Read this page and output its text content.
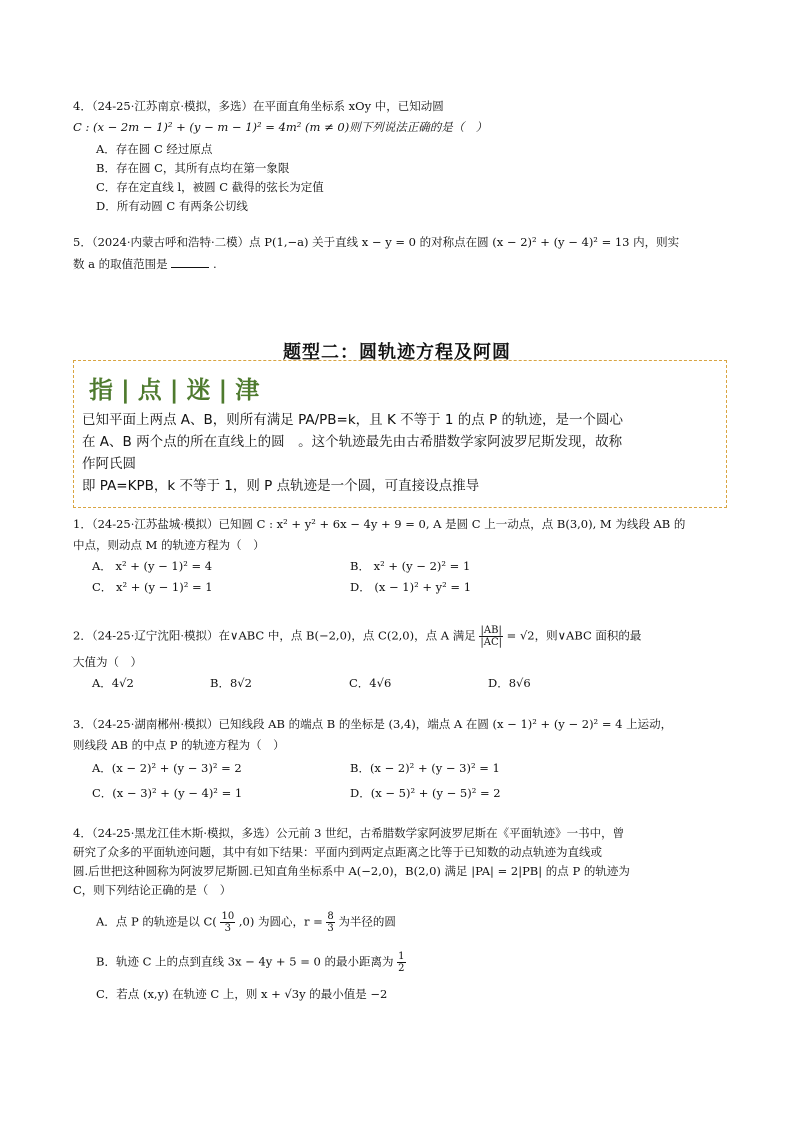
4．（24-25·江苏南京·模拟，多选）在平面直角坐标系 xOy 中，已知动圆
C : (x − 2m − 1)² + (y − m − 1)² = 4m² (m ≠ 0)则下列说法正确的是（　）
A．存在圆 C 经过原点
B．存在圆 C，其所有点均在第一象限
C．存在定直线 l，被圆 C 截得的弦长为定值
D．所有动圆 C 有两条公切线
5．（2024·内蒙古呼和浩特·二模）点 P(1,−a) 关于直线 x − y = 0 的对称点在圆 (x − 2)² + (y − 4)² = 13 内，则实
数 a 的取值范围是	.
题型二：圆轨迹方程及阿圆
指 | 点 | 迷 | 津
已知平面上两点 A、B，则所有满足 PA/PB=k，且 K 不等于 1 的点 P 的轨迹，是一个圆心
在 A、B 两个点的所在直线上的圆　。这个轨迹最先由古希腊数学家阿波罗尼斯发现，故称
作阿氏圆
即 PA=KPB，k 不等于 1，则 P 点轨迹是一个圆，可直接设点推导
1．（24-25·江苏盐城·模拟）已知圆 C : x² + y² + 6x − 4y + 9 = 0, A 是圆 C 上一动点，点 B(3,0), M 为线段 AB 的
中点，则动点 M 的轨迹方程为（　）
A． x² + (y − 1)² = 4	B． x² + (y − 2)² = 1
C． x² + (y − 1)² = 1	D． (x − 1)² + y² = 1
2．（24-25·辽宁沈阳·模拟）在∨ABC 中，点 B(−2,0)，点 C(2,0)，点 A 满足 $\frac{|AB|}{|AC|} = √2$，则∨ABC 面积的最
大值为（　）
A．4√2	B．8√2	C．4√6	D．8√6
3．（24-25·湖南郴州·模拟）已知线段 AB 的端点 B 的坐标是 (3,4)，端点 A 在圆 (x − 1)² + (y − 2)² = 4 上运动，
则线段 AB 的中点 P 的轨迹方程为（　）
A．(x − 2)² + (y − 3)² = 2	B．(x − 2)² + (y − 3)² = 1
C．(x − 3)² + (y − 4)² = 1	D．(x − 5)² + (y − 5)² = 2
4．（24-25·黑龙江佳木斯·模拟，多选）公元前 3 世纪，古希腊数学家阿波罗尼斯在《平面轨迹》一书中，曾
研究了众多的平面轨迹问题，其中有如下结果：平面内到两定点距离之比等于已知数的动点轨迹为直线或
圆.后世把这种圆称为阿波罗尼斯圆.已知直角坐标系中 A(−2,0)，B(2,0) 满足 |PA| = 2|PB| 的点 P 的轨迹为
C，则下列结论正确的是（　）
A．点 P 的轨迹是以 $C( \frac{10}{3} ,0)$ 为圆心，$r = \frac{8}{3}$ 为半径的圆
B．轨迹 C 上的点到直线 3x − 4y + 5 = 0 的最小距离为 $\frac{1}{2}$
C．若点 (x,y) 在轨迹 C 上，则 x + √3y 的最小值是 −2
